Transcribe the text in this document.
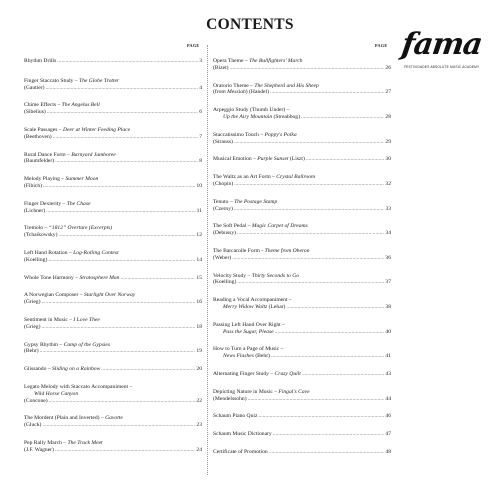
CONTENTS
PAGE	PAGE fama
FESTIVIDADES ABSOLUTE MUSIC ACADEMY
Rhythm Drills .....	3
Finger Staccato Study – The Globe Trotter
(Gautier) .....	4
Chime Effects – The Angelus Bell
(Sibelius) .....	6
Scale Passages – Deer at Winter Feeding Place
(Beethoven) .....	7
Rural Dance Form – Barnyard Jamboree
(Baumfelder) .....	8
Melody Playing – Summer Moon
(Fibich) .....	10
Finger Dexterity – The Chase
(Lichner) .....	11
Tremolo – “1812” Overture (Excerpts)
(Tchaikowsky) .....	12
Left Hand Rotation – Log-Rolling Contest
(Koelling) .....	14
Whole Tone Harmony – Stratosphere Man .....	15
A Norwegian Composer – Starlight Over Norway
(Grieg) .....	16
Sentiment in Music – I Love Thee
(Grieg) .....	18
Gypsy Rhythm – Camp of the Gypsies
(Behr) .....	19
Glissando – Sliding on a Rainbow .....	20
Legato Melody with Staccato Accompaniment –
Wild Horse Canyon
(Concone) .....	22
The Mordent (Plain and Inverted) – Gavotte
(Gluck) .....	23
Pep Rally March – The Track Meet
(J.F. Wagner) .....	24
Opera Theme – The Bullfighters' March
(Bizet) .....	26
Oratorio Theme – The Shepherd and His Sheep
(from Messiah) (Handel) .....	27
Arpeggio Study (Thumb Under) –
Up the Airy Mountain (Streabbog) .....	28
Staccatissimo Touch – Poppy's Polka
(Strauss) .....	29
Musical Emotion – Purple Sunset (Liszt) .....	30
The Waltz as an Art Form – Crystal Ballroom
(Chopin) .....	32
Tenuto – The Postage Stamp
(Czerny) .....	33
The Soft Pedal – Magic Carpet of Dreams
(Debussy) .....	34
The Barcarolle Form - Theme from Oberon
(Weber) .....	36
Velocity Study – Thirty Seconds to Go
(Koelling) .....	37
Reading a Vocal Accompaniment –
Merry Widow Waltz (Lehar) .....	38
Passing Left Hand Over Right –
Pass the Sugar, Please .....	40
How to Turn a Page of Music –
News Flashes (Behr) .....	41
Alternating Finger Study – Crazy Quilt .....	43
Depicting Nature in Music – Fingal's Cave
(Mendelssohn) .....	44
Schaum Piano Quiz .....	46
Schaum Music Dictionary .....	47
Certificate of Promotion .....	48
